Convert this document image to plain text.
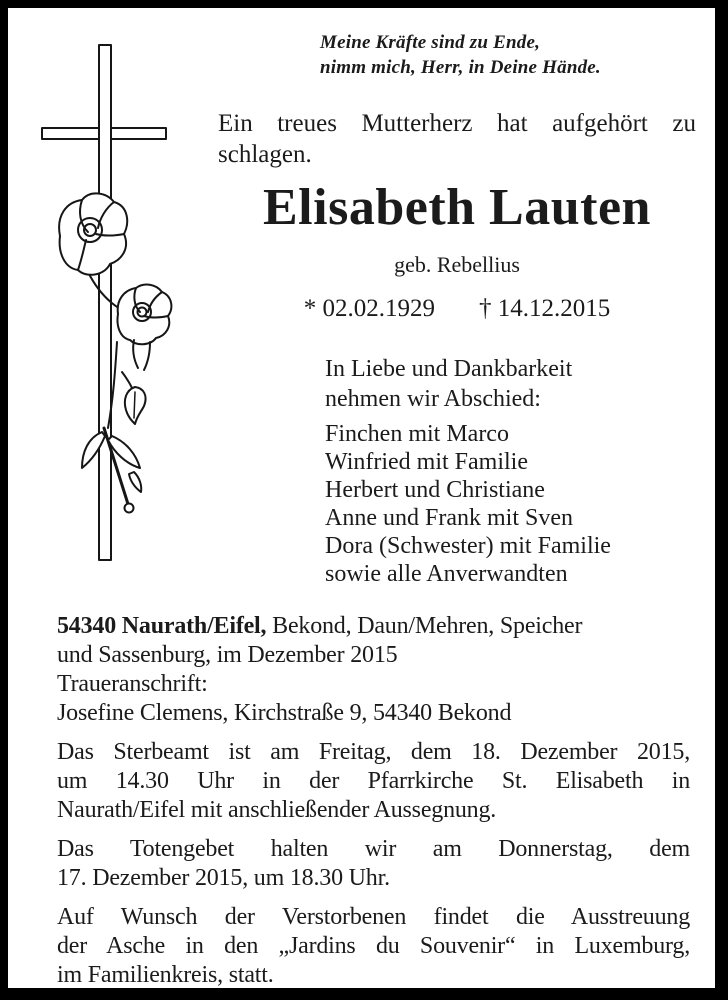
Meine Kräfte sind zu Ende,
nimm mich, Herr, in Deine Hände.
Ein treues Mutterherz hat aufgehört zu
schlagen.
Elisabeth Lauten
geb. Rebellius
* 02.02.1929 † 14.12.2015
In Liebe und Dankbarkeit
nehmen wir Abschied:
Finchen mit Marco
Winfried mit Familie
Herbert und Christiane
Anne und Frank mit Sven
Dora (Schwester) mit Familie
sowie alle Anverwandten

54340 Naurath/Eifel, Bekond, Daun/Mehren, Speicher
und Sassenburg, im Dezember 2015
Traueranschrift:
Josefine Clemens, Kirchstraße 9, 54340 Bekond

Das Sterbeamt ist am Freitag, dem 18. Dezember 2015,
um 14.30 Uhr in der Pfarrkirche St. Elisabeth in
Naurath/Eifel mit anschließender Aussegnung.

Das Totengebet halten wir am Donnerstag, dem
17. Dezember 2015, um 18.30 Uhr.

Auf Wunsch der Verstorbenen findet die Ausstreuung
der Asche in den „Jardins du Souvenir“ in Luxemburg,
im Familienkreis, statt.
